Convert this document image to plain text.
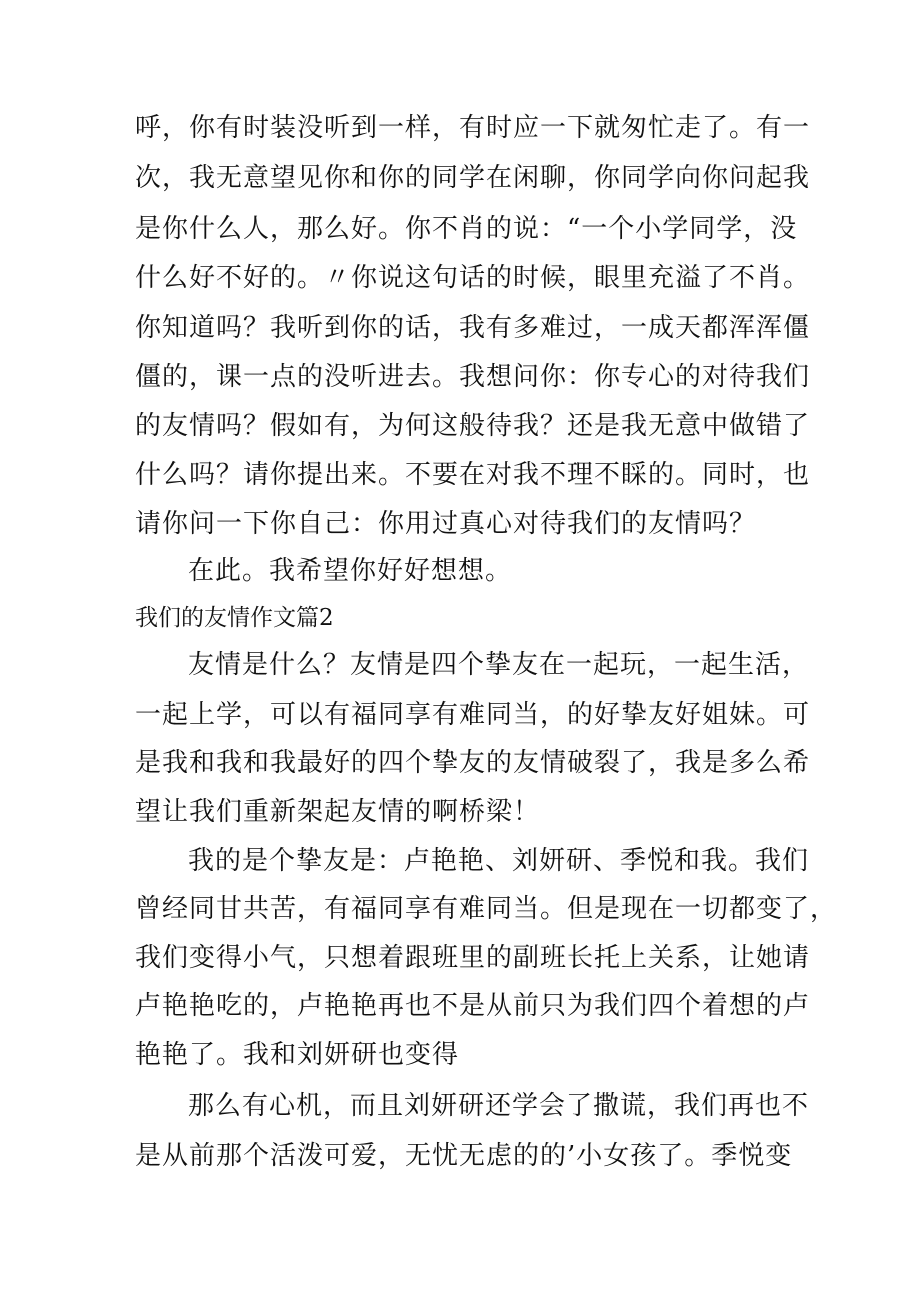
呼，你有时装没听到一样，有时应一下就匆忙走了。有一
次，我无意望见你和你的同学在闲聊，你同学向你问起我
是你什么人，那么好。你不肖的说：“一个小学同学，没
什么好不好的。〃你说这句话的时候，眼里充溢了不肖。
你知道吗？我听到你的话，我有多难过，一成天都浑浑僵
僵的，课一点的没听进去。我想问你：你专心的对待我们
的友情吗？假如有，为何这般待我？还是我无意中做错了
什么吗？请你提出来。不要在对我不理不睬的。同时，也
请你问一下你自己：你用过真心对待我们的友情吗？
在此。我希望你好好想想。
我们的友情作文篇2
友情是什么？友情是四个挚友在一起玩，一起生活，
一起上学，可以有福同享有难同当，的好挚友好姐妹。可
是我和我和我最好的四个挚友的友情破裂了，我是多么希
望让我们重新架起友情的啊桥梁！
我的是个挚友是：卢艳艳、刘妍研、季悦和我。我们
曾经同甘共苦，有福同享有难同当。但是现在一切都变了，
我们变得小气，只想着跟班里的副班长托上关系，让她请
卢艳艳吃的，卢艳艳再也不是从前只为我们四个着想的卢
艳艳了。我和刘妍研也变得
那么有心机，而且刘妍研还学会了撒谎，我们再也不
是从前那个活泼可爱，无忧无虑的的’小女孩了。季悦变
